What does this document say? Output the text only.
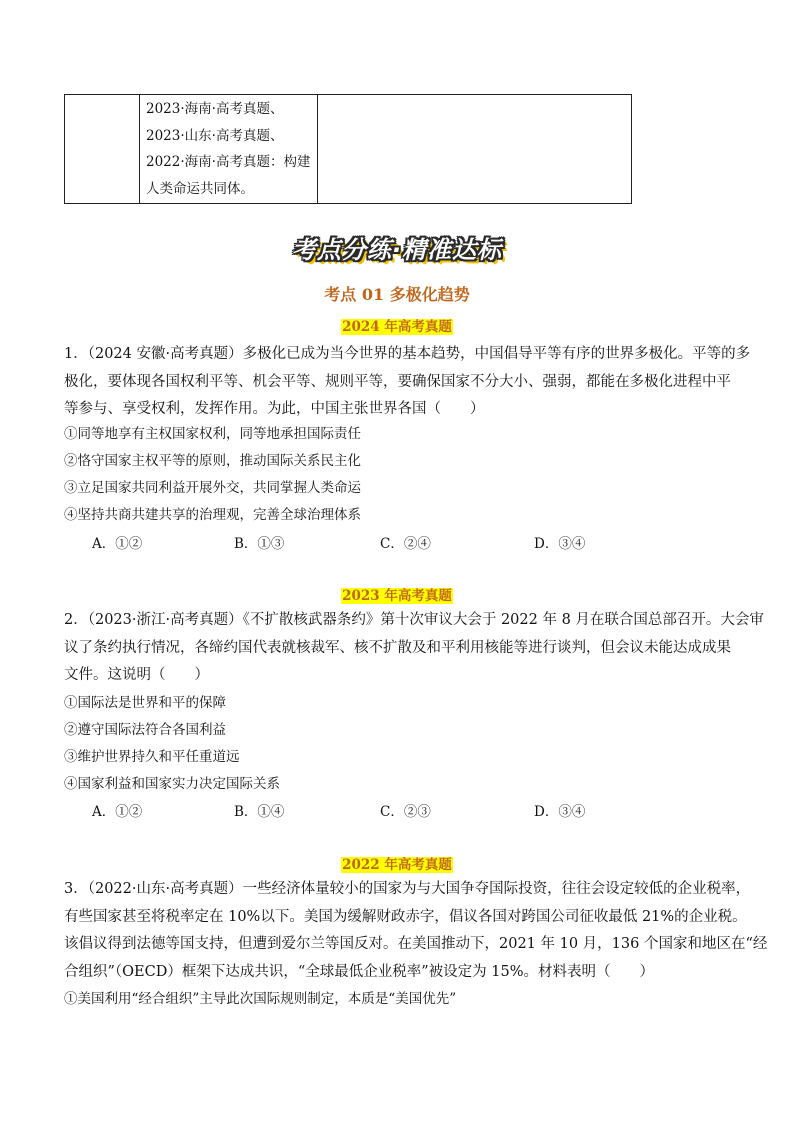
2023·海南·高考真题、
2023·山东·高考真题、
2022·海南·高考真题：构建
人类命运共同体。
考点分练·精准达标
考点 01 多极化趋势
2024 年高考真题
1．（2024 安徽·高考真题）多极化已成为当今世界的基本趋势，中国倡导平等有序的世界多极化。平等的多
极化，要体现各国权利平等、机会平等、规则平等，要确保国家不分大小、强弱，都能在多极化进程中平
等参与、享受权利，发挥作用。为此，中国主张世界各国（　　）
①同等地享有主权国家权利，同等地承担国际责任
②恪守国家主权平等的原则，推动国际关系民主化
③立足国家共同利益开展外交，共同掌握人类命运
④坚持共商共建共享的治理观，完善全球治理体系
A．①②	B．①③	C．②④	D．③④
2023 年高考真题
2．（2023·浙江·高考真题）《不扩散核武器条约》第十次审议大会于 2022 年 8 月在联合国总部召开。大会审
议了条约执行情况，各缔约国代表就核裁军、核不扩散及和平利用核能等进行谈判，但会议未能达成成果
文件。这说明（　　）
①国际法是世界和平的保障
②遵守国际法符合各国利益
③维护世界持久和平任重道远
④国家利益和国家实力决定国际关系
A．①②	B．①④	C．②③	D．③④
2022 年高考真题
3．（2022·山东·高考真题）一些经济体量较小的国家为与大国争夺国际投资，往往会设定较低的企业税率，
有些国家甚至将税率定在 10%以下。美国为缓解财政赤字，倡议各国对跨国公司征收最低 21%的企业税。
该倡议得到法德等国支持，但遭到爱尔兰等国反对。在美国推动下，2021 年 10 月，136 个国家和地区在“经
合组织”（OECD）框架下达成共识，“全球最低企业税率”被设定为 15%。材料表明（　　）
①美国利用“经合组织”主导此次国际规则制定，本质是“美国优先”
